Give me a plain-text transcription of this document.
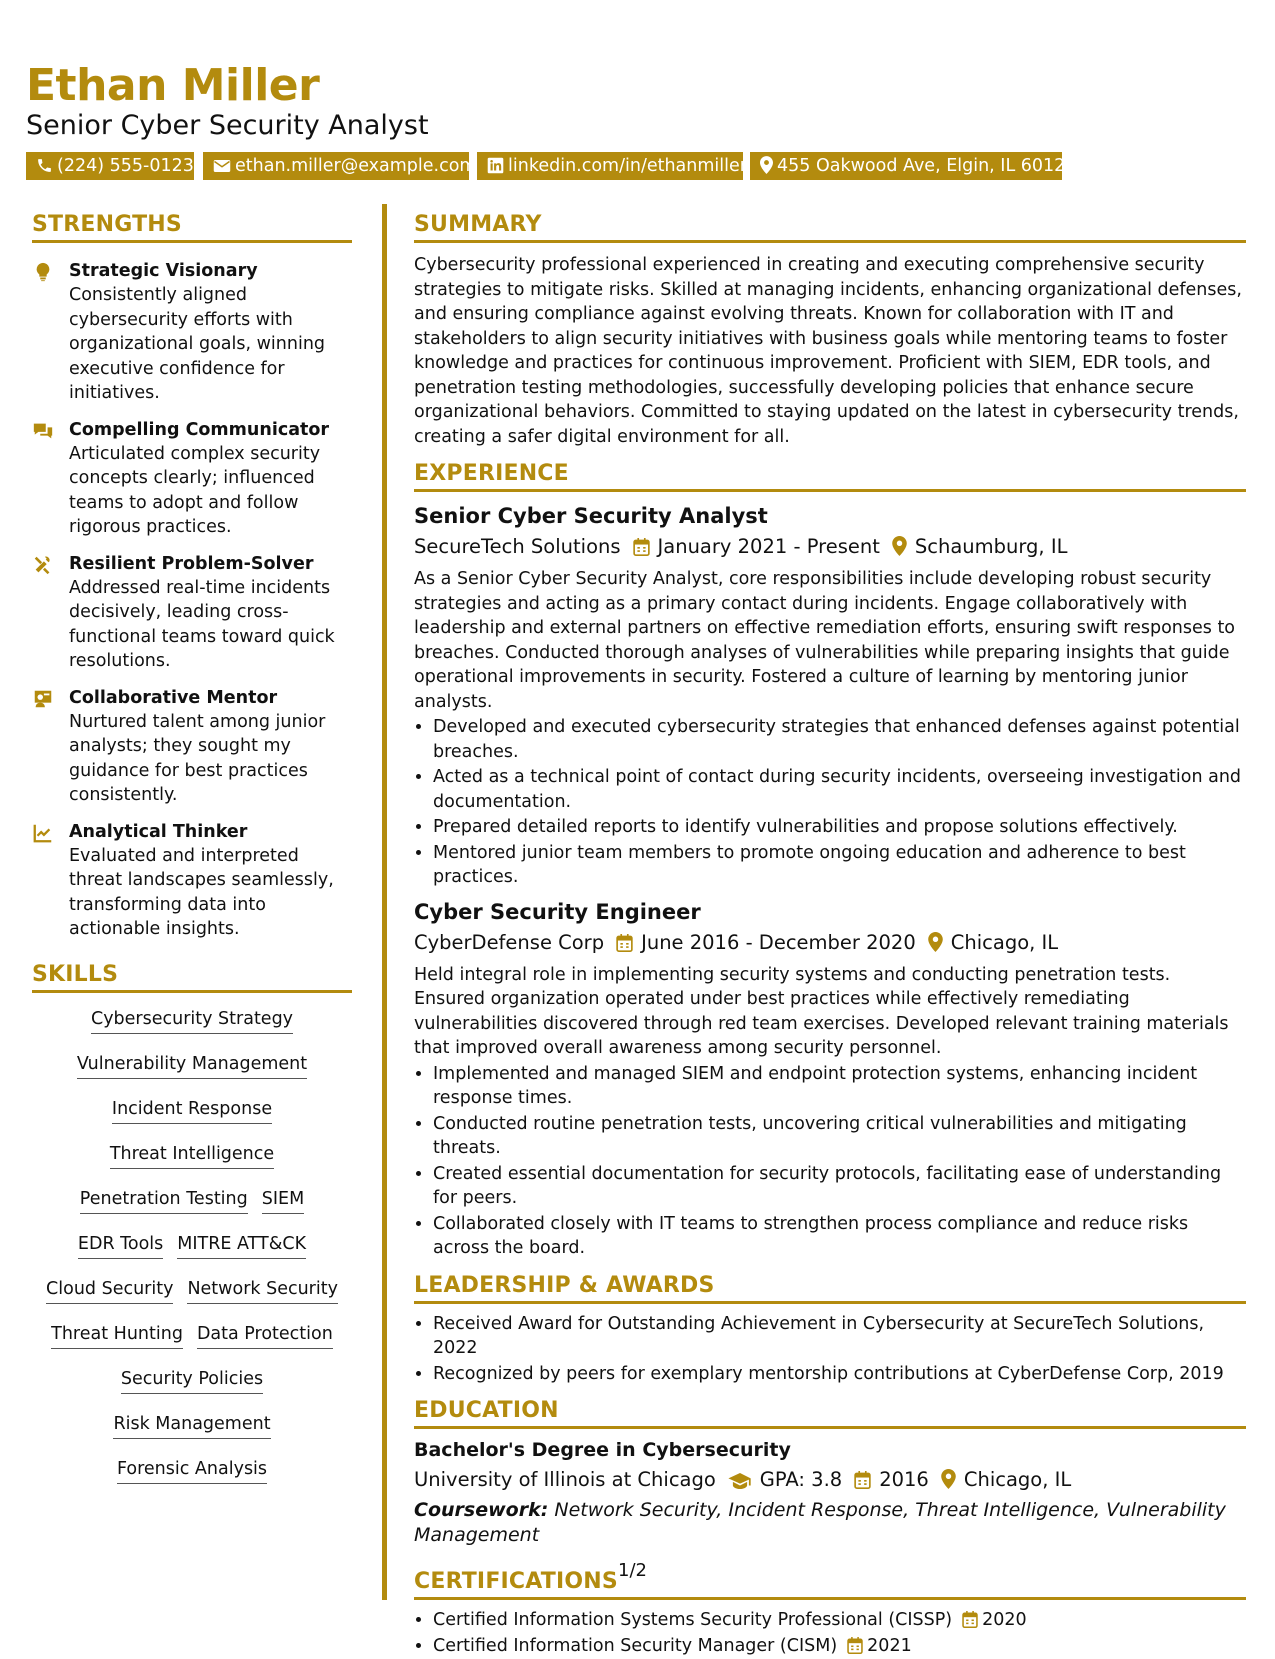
Ethan Miller
Senior Cyber Security Analyst
(224) 555-0123	ethan.miller@example.com	linkedin.com/in/ethanmiller	455 Oakwood Ave, Elgin, IL 60120
STRENGTHS
Strategic Visionary
Consistently aligned cybersecurity efforts with organizational goals, winning executive confidence for initiatives.
Compelling Communicator
Articulated complex security concepts clearly; influenced teams to adopt and follow rigorous practices.
Resilient Problem-Solver
Addressed real-time incidents decisively, leading cross-functional teams toward quick resolutions.
Collaborative Mentor
Nurtured talent among junior analysts; they sought my guidance for best practices consistently.
Analytical Thinker
Evaluated and interpreted threat landscapes seamlessly, transforming data into actionable insights.
SKILLS
Cybersecurity Strategy
Vulnerability Management
Incident Response
Threat Intelligence
Penetration Testing SIEM
EDR Tools MITRE ATT&CK
Cloud Security Network Security
Threat Hunting Data Protection
Security Policies
Risk Management
Forensic Analysis
SUMMARY

Cybersecurity professional experienced in creating and executing comprehensive security strategies to mitigate risks. Skilled at managing incidents, enhancing organizational defenses, and ensuring compliance against evolving threats. Known for collaboration with IT and stakeholders to align security initiatives with business goals while mentoring teams to foster knowledge and practices for continuous improvement. Proficient with SIEM, EDR tools, and penetration testing methodologies, successfully developing policies that enhance secure organizational behaviors. Committed to staying updated on the latest in cybersecurity trends, creating a safer digital environment for all.

EXPERIENCE
Senior Cyber Security Analyst
SecureTech Solutions January 2021 - Present Schaumburg, IL

As a Senior Cyber Security Analyst, core responsibilities include developing robust security strategies and acting as a primary contact during incidents. Engage collaboratively with leadership and external partners on effective remediation efforts, ensuring swift responses to breaches. Conducted thorough analyses of vulnerabilities while preparing insights that guide operational improvements in security. Fostered a culture of learning by mentoring junior analysts.

• Developed and executed cybersecurity strategies that enhanced defenses against potential breaches.
• Acted as a technical point of contact during security incidents, overseeing investigation and documentation.
• Prepared detailed reports to identify vulnerabilities and propose solutions effectively.
• Mentored junior team members to promote ongoing education and adherence to best practices.
Cyber Security Engineer
CyberDefense Corp June 2016 - December 2020 Chicago, IL

Held integral role in implementing security systems and conducting penetration tests. Ensured organization operated under best practices while effectively remediating vulnerabilities discovered through red team exercises. Developed relevant training materials that improved overall awareness among security personnel.

• Implemented and managed SIEM and endpoint protection systems, enhancing incident response times.
• Conducted routine penetration tests, uncovering critical vulnerabilities and mitigating threats.
• Created essential documentation for security protocols, facilitating ease of understanding for peers.
• Collaborated closely with IT teams to strengthen process compliance and reduce risks across the board.
LEADERSHIP & AWARDS
• Received Award for Outstanding Achievement in Cybersecurity at SecureTech Solutions, 2022
• Recognized by peers for exemplary mentorship contributions at CyberDefense Corp, 2019
EDUCATION
Bachelor's Degree in Cybersecurity
University of Illinois at Chicago GPA: 3.8 2016 Chicago, IL
Coursework: Network Security, Incident Response, Threat Intelligence, Vulnerability Management
CERTIFICATIONS
• Certified Information Systems Security Professional (CISSP) 2020
• Certified Information Security Manager (CISM) 2021
1/2
